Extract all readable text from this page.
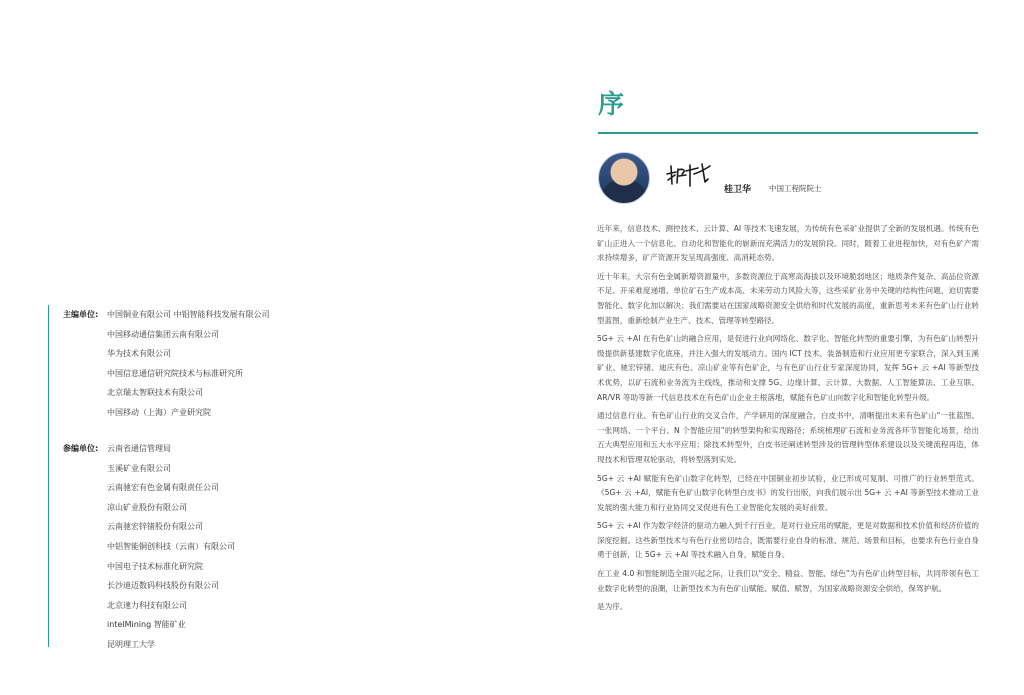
主编单位:	中国铜业有限公司 中铝智能科技发展有限公司
中国移动通信集团云南有限公司
华为技术有限公司
中国信息通信研究院技术与标准研究所
北京瑞太智联技术有限公司
中国移动（上海）产业研究院
参编单位:	云南省通信管理局
玉溪矿业有限公司
云南驰宏有色金属有限责任公司
凉山矿业股份有限公司
云南驰宏锌锗股份有限公司
中铝智能铜创科技（云南）有限公司
中国电子技术标准化研究院
长沙迪迈数码科技股份有限公司
北京速力科技有限公司
intelMining 智能矿业
昆明理工大学
序
桂卫华 中国工程院院士

近年来，信息技术、测控技术、云计算、AI 等技术飞速发展，为传统有色采矿业提供了全新的发展机遇。传统有色矿山正进入一个信息化、自动化和智能化的崭新而充满活力的发展阶段。同时，随着工业进程加快，对有色矿产需求持续增多，矿产资源开发呈现高强度、高消耗态势。

近十年来，大宗有色金属新增资源量中，多数资源位于高寒高海拔以及环境脆弱地区；地质条件复杂、高品位资源不足、开采难度递增、单位矿石生产成本高、未来劳动力风险大等，这些采矿业务中关键的结构性问题，迫切需要智能化、数字化加以解决；我们需要站在国家战略资源安全供给和时代发展的高度，重新思考未来有色矿山行业转型蓝图，重新绘制产业生产、技术、管理等转型路径。

5G+ 云 +AI 在有色矿山的融合应用，是促进行业向网络化、数字化、智能化转型的重要引擎，为有色矿山转型升级提供新基建数字化底座，并注入强大的发展动力。国内 ICT 技术、装备制造和行业应用更专家联合，深入到玉溪矿业、驰宏锌锗、迪庆有色、凉山矿业等有色矿企，与有色矿山行业专家深度协同，发挥 5G+ 云 +AI 等新型技术优势，以矿石流和业务流为主线线，推动和支撑 5G、边缘计算、云计算、大数据、人工智能算法、工业互联、AR/VR 等助等新一代信息技术在有色矿山企业主根落地，赋能有色矿山向数字化和智能化转型升级。

通过信息行业、有色矿山行业的交叉合作，产学研用的深度融合，白皮书中，清晰提出未来有色矿山“一张蓝图、一张网络、一个平台、N 个智能应用”的转型架构和实现路径；系统梳理矿石流和业务流各环节智能化场景，给出五大典型应用和五大水平应用；除技术转型外，白皮书还阐述转型涉及的管理转型体系建设以及关键流程再造，体现技术和管理双轮驱动，将转型落到实处。

5G+ 云 +AI 赋能有色矿山数字化转型，已经在中国铜业初步试验，业已形成可复制、可推广的行业转型范式。《5G+ 云 +AI，赋能有色矿山数字化转型白皮书》的发行出版，向我们展示出 5G+ 云 +AI 等新型技术推动工业发展的强大能力和行业协同交叉促进有色工业智能化发展的美好前景。

5G+ 云 +AI 作为数字经济的驱动力融入到千行百业，是对行业应用的赋能，更是对数据和技术价值和经济价值的深度挖掘。这些新型技术与有色行业密切结合，既需要行业自身的标准、规范、场景和目标，也要求有色行业自身勇于创新，让 5G+ 云 +AI 等技术融入自身，赋能自身。

在工业 4.0 和智能制造全面兴起之际，让我们以“安全、精益、智能、绿色”为有色矿山转型目标，共同带领有色工业数字化转型的浪潮，让新型技术为有色矿山赋能、赋值、赋智，为国家战略资源安全供给，保驾护航。

是为序。
